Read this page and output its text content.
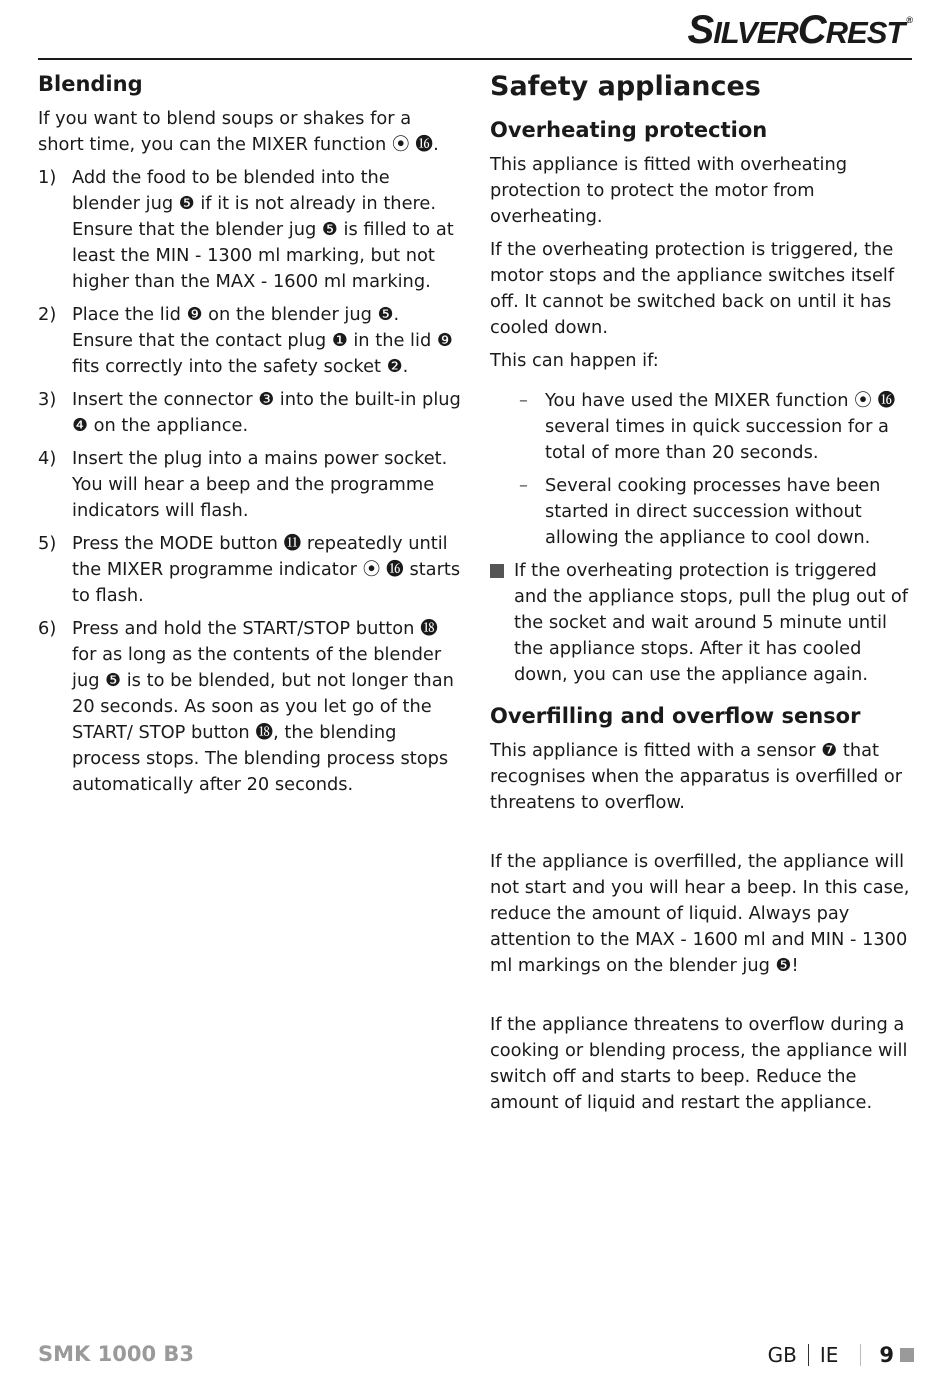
SILVERCREST ®
Blending

If you want to blend soups or shakes for a short time, you can the MIXER function ⦿ ⓰.

1) Add the food to be blended into the blender jug ❺ if it is not already in there. Ensure that the blender jug ❺ is filled to at least the MIN - 1300 ml marking, but not higher than the MAX - 1600 ml marking.
2) Place the lid ❾ on the blender jug ❺. Ensure that the contact plug ❶ in the lid ❾ fits correctly into the safety socket ❷.
3) Insert the connector ❸ into the built-in plug ❹ on the appliance.
4) Insert the plug into a mains power socket. You will hear a beep and the programme indicators will flash.
5) Press the MODE button ⓫ repeatedly until the MIXER programme indicator ⦿ ⓰ starts to flash.
6) Press and hold the START/STOP button ⓲ for as long as the contents of the blender jug ❺ is to be blended, but not longer than 20 seconds. As soon as you let go of the START/ STOP button ⓲, the blending process stops. The blending process stops automatically after 20 seconds.
Safety appliances
Overheating protection

This appliance is fitted with overheating protection to protect the motor from overheating.

If the overheating protection is triggered, the motor stops and the appliance switches itself off. It cannot be switched back on until it has cooled down.

This can happen if:

– You have used the MIXER function ⦿ ⓰ several times in quick succession for a total of more than 20 seconds.
– Several cooking processes have been started in direct succession without allowing the appliance to cool down.
If the overheating protection is triggered and the appliance stops, pull the plug out of the socket and wait around 5 minute until the appliance stops. After it has cooled down, you can use the appliance again.
Overfilling and overflow sensor

This appliance is fitted with a sensor ❼ that recognises when the apparatus is overfilled or threatens to overflow.

If the appliance is overfilled, the appliance will not start and you will hear a beep. In this case, reduce the amount of liquid. Always pay attention to the MAX - 1600 ml and MIN - 1300 ml markings on the blender jug ❺!

If the appliance threatens to overflow during a cooking or blending process, the appliance will switch off and starts to beep. Reduce the amount of liquid and restart the appliance.

SMK 1000 B3	GB IE 9
